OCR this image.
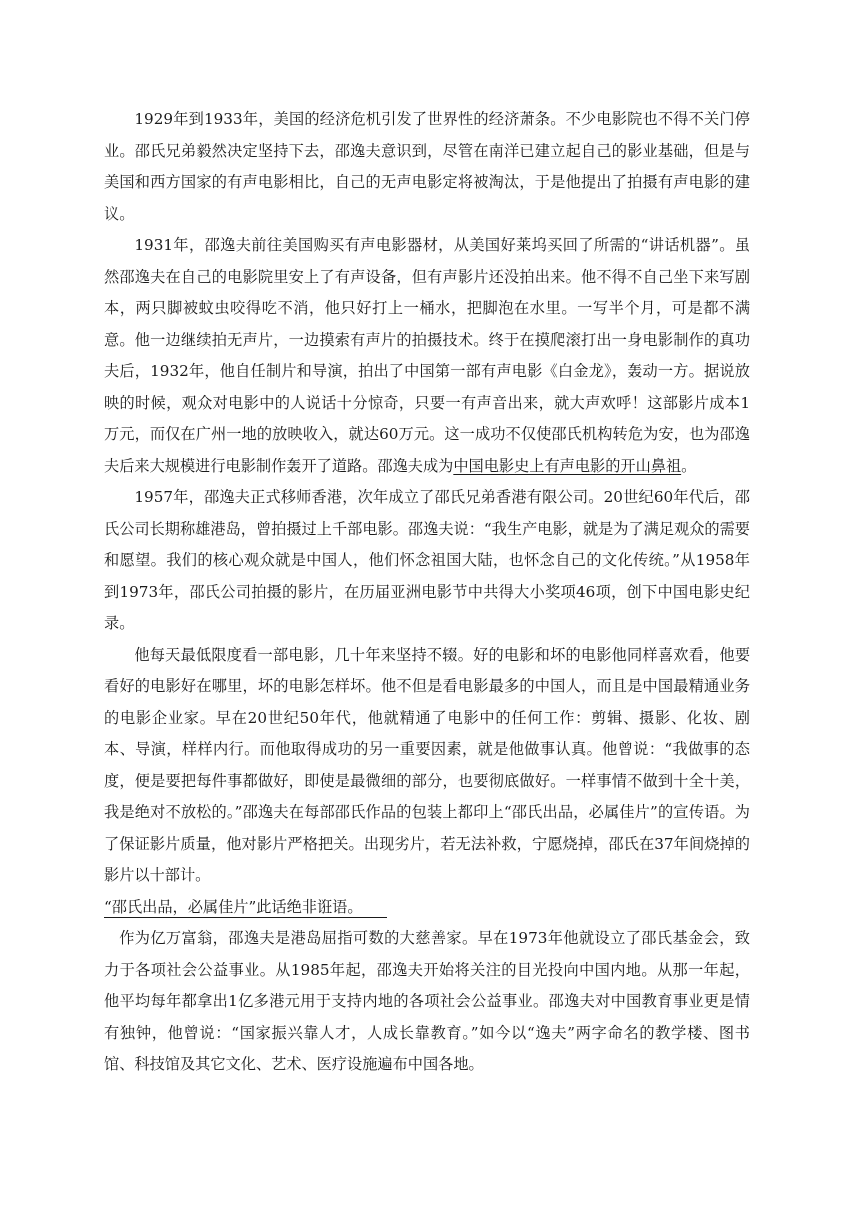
1929年到1933年，美国的经济危机引发了世界性的经济萧条。不少电影院也不得不关门停业。邵氏兄弟毅然决定坚持下去，邵逸夫意识到，尽管在南洋已建立起自己的影业基础，但是与美国和西方国家的有声电影相比，自己的无声电影定将被淘汰，于是他提出了拍摄有声电影的建议。

1931年，邵逸夫前往美国购买有声电影器材，从美国好莱坞买回了所需的“讲话机器”。虽然邵逸夫在自己的电影院里安上了有声设备，但有声影片还没拍出来。他不得不自己坐下来写剧本，两只脚被蚊虫咬得吃不消，他只好打上一桶水，把脚泡在水里。一写半个月，可是都不满意。他一边继续拍无声片，一边摸索有声片的拍摄技术。终于在摸爬滚打出一身电影制作的真功夫后，1932年，他自任制片和导演，拍出了中国第一部有声电影《白金龙》，轰动一方。据说放映的时候，观众对电影中的人说话十分惊奇，只要一有声音出来，就大声欢呼！这部影片成本1万元，而仅在广州一地的放映收入，就达60万元。这一成功不仅使邵氏机构转危为安，也为邵逸夫后来大规模进行电影制作轰开了道路。邵逸夫成为中国电影史上有声电影的开山鼻祖。

1957年，邵逸夫正式移师香港，次年成立了邵氏兄弟香港有限公司。20世纪60年代后，邵氏公司长期称雄港岛，曾拍摄过上千部电影。邵逸夫说：“我生产电影，就是为了满足观众的需要和愿望。我们的核心观众就是中国人，他们怀念祖国大陆，也怀念自己的文化传统。”从1958年到1973年，邵氏公司拍摄的影片，在历届亚洲电影节中共得大小奖项46项，创下中国电影史纪录。

他每天最低限度看一部电影，几十年来坚持不辍。好的电影和坏的电影他同样喜欢看，他要看好的电影好在哪里，坏的电影怎样坏。他不但是看电影最多的中国人，而且是中国最精通业务的电影企业家。早在20世纪50年代，他就精通了电影中的任何工作：剪辑、摄影、化妆、剧本、导演，样样内行。而他取得成功的另一重要因素，就是他做事认真。他曾说：“我做事的态度，便是要把每件事都做好，即使是最微细的部分，也要彻底做好。一样事情不做到十全十美，我是绝对不放松的。”邵逸夫在每部邵氏作品的包装上都印上“邵氏出品，必属佳片”的宣传语。为了保证影片质量，他对影片严格把关。出现劣片，若无法补救，宁愿烧掉，邵氏在37年间烧掉的影片以十部计。
“邵氏出品，必属佳片”此话绝非诳语。

作为亿万富翁，邵逸夫是港岛屈指可数的大慈善家。早在1973年他就设立了邵氏基金会，致力于各项社会公益事业。从1985年起，邵逸夫开始将关注的目光投向中国内地。从那一年起，他平均每年都拿出1亿多港元用于支持内地的各项社会公益事业。邵逸夫对中国教育事业更是情有独钟，他曾说：“国家振兴靠人才，人成长靠教育。”如今以“逸夫”两字命名的教学楼、图书馆、科技馆及其它文化、艺术、医疗设施遍布中国各地。
